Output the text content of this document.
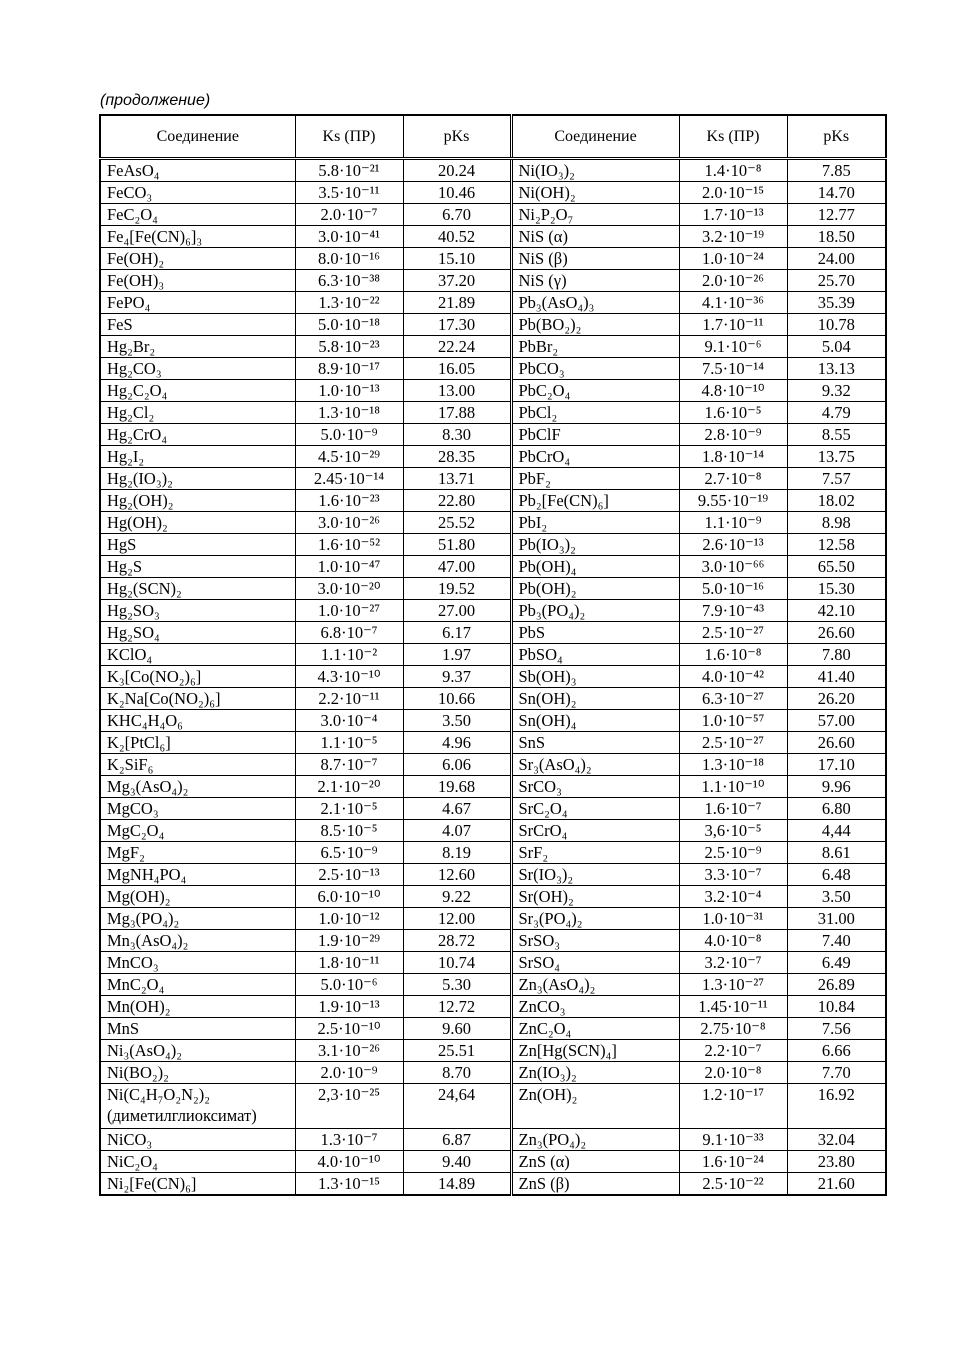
(продолжение)
Соединение	Ks (ПР)	pKs	Соединение	Ks (ПР)	pKs
FeAsO₄	5.8·10⁻²¹	20.24	Ni(IO₃)₂	1.4·10⁻⁸	7.85
FeCO₃	3.5·10⁻¹¹	10.46	Ni(OH)₂	2.0·10⁻¹⁵	14.70
FeC₂O₄	2.0·10⁻⁷	6.70	Ni₂P₂O₇	1.7·10⁻¹³	12.77
Fe₄[Fe(CN)₆]₃	3.0·10⁻⁴¹	40.52	NiS (α)	3.2·10⁻¹⁹	18.50
Fe(OH)₂	8.0·10⁻¹⁶	15.10	NiS (β)	1.0·10⁻²⁴	24.00
Fe(OH)₃	6.3·10⁻³⁸	37.20	NiS (γ)	2.0·10⁻²⁶	25.70
FePO₄	1.3·10⁻²²	21.89	Pb₃(AsO₄)₃	4.1·10⁻³⁶	35.39
FeS	5.0·10⁻¹⁸	17.30	Pb(BO₂)₂	1.7·10⁻¹¹	10.78
Hg₂Br₂	5.8·10⁻²³	22.24	PbBr₂	9.1·10⁻⁶	5.04
Hg₂CO₃	8.9·10⁻¹⁷	16.05	PbCO₃	7.5·10⁻¹⁴	13.13
Hg₂C₂O₄	1.0·10⁻¹³	13.00	PbC₂O₄	4.8·10⁻¹⁰	9.32
Hg₂Cl₂	1.3·10⁻¹⁸	17.88	PbCl₂	1.6·10⁻⁵	4.79
Hg₂CrO₄	5.0·10⁻⁹	8.30	PbClF	2.8·10⁻⁹	8.55
Hg₂I₂	4.5·10⁻²⁹	28.35	PbCrO₄	1.8·10⁻¹⁴	13.75
Hg₂(IO₃)₂	2.45·10⁻¹⁴	13.71	PbF₂	2.7·10⁻⁸	7.57
Hg₂(OH)₂	1.6·10⁻²³	22.80	Pb₂[Fe(CN)₆]	9.55·10⁻¹⁹	18.02
Hg(OH)₂	3.0·10⁻²⁶	25.52	PbI₂	1.1·10⁻⁹	8.98
HgS	1.6·10⁻⁵²	51.80	Pb(IO₃)₂	2.6·10⁻¹³	12.58
Hg₂S	1.0·10⁻⁴⁷	47.00	Pb(OH)₄	3.0·10⁻⁶⁶	65.50
Hg₂(SCN)₂	3.0·10⁻²⁰	19.52	Pb(OH)₂	5.0·10⁻¹⁶	15.30
Hg₂SO₃	1.0·10⁻²⁷	27.00	Pb₃(PO₄)₂	7.9·10⁻⁴³	42.10
Hg₂SO₄	6.8·10⁻⁷	6.17	PbS	2.5·10⁻²⁷	26.60
KClO₄	1.1·10⁻²	1.97	PbSO₄	1.6·10⁻⁸	7.80
K₃[Co(NO₂)₆]	4.3·10⁻¹⁰	9.37	Sb(OH)₃	4.0·10⁻⁴²	41.40
K₂Na[Co(NO₂)₆]	2.2·10⁻¹¹	10.66	Sn(OH)₂	6.3·10⁻²⁷	26.20
KHC₄H₄O₆	3.0·10⁻⁴	3.50	Sn(OH)₄	1.0·10⁻⁵⁷	57.00
K₂[PtCl₆]	1.1·10⁻⁵	4.96	SnS	2.5·10⁻²⁷	26.60
K₂SiF₆	8.7·10⁻⁷	6.06	Sr₃(AsO₄)₂	1.3·10⁻¹⁸	17.10
Mg₃(AsO₄)₂	2.1·10⁻²⁰	19.68	SrCO₃	1.1·10⁻¹⁰	9.96
MgCO₃	2.1·10⁻⁵	4.67	SrC₂O₄	1.6·10⁻⁷	6.80
MgC₂O₄	8.5·10⁻⁵	4.07	SrCrO₄	3,6·10⁻⁵	4,44
MgF₂	6.5·10⁻⁹	8.19	SrF₂	2.5·10⁻⁹	8.61
MgNH₄PO₄	2.5·10⁻¹³	12.60	Sr(IO₃)₂	3.3·10⁻⁷	6.48
Mg(OH)₂	6.0·10⁻¹⁰	9.22	Sr(OH)₂	3.2·10⁻⁴	3.50
Mg₃(PO₄)₂	1.0·10⁻¹²	12.00	Sr₃(PO₄)₂	1.0·10⁻³¹	31.00
Mn₃(AsO₄)₂	1.9·10⁻²⁹	28.72	SrSO₃	4.0·10⁻⁸	7.40
MnCO₃	1.8·10⁻¹¹	10.74	SrSO₄	3.2·10⁻⁷	6.49
MnC₂O₄	5.0·10⁻⁶	5.30	Zn₃(AsO₄)₂	1.3·10⁻²⁷	26.89
Mn(OH)₂	1.9·10⁻¹³	12.72	ZnCO₃	1.45·10⁻¹¹	10.84
MnS	2.5·10⁻¹⁰	9.60	ZnC₂O₄	2.75·10⁻⁸	7.56
Ni₃(AsO₄)₂	3.1·10⁻²⁶	25.51	Zn[Hg(SCN)₄]	2.2·10⁻⁷	6.66
Ni(BO₂)₂	2.0·10⁻⁹	8.70	Zn(IO₃)₂	2.0·10⁻⁸	7.70
Ni(C₄H₇O₂N₂)₂
(диметилглиоксимат)	2,3·10⁻²⁵	24,64	Zn(OH)₂	1.2·10⁻¹⁷	16.92
NiCO₃	1.3·10⁻⁷	6.87	Zn₃(PO₄)₂	9.1·10⁻³³	32.04
NiC₂O₄	4.0·10⁻¹⁰	9.40	ZnS (α)	1.6·10⁻²⁴	23.80
Ni₂[Fe(CN)₆]	1.3·10⁻¹⁵	14.89	ZnS (β)	2.5·10⁻²²	21.60
